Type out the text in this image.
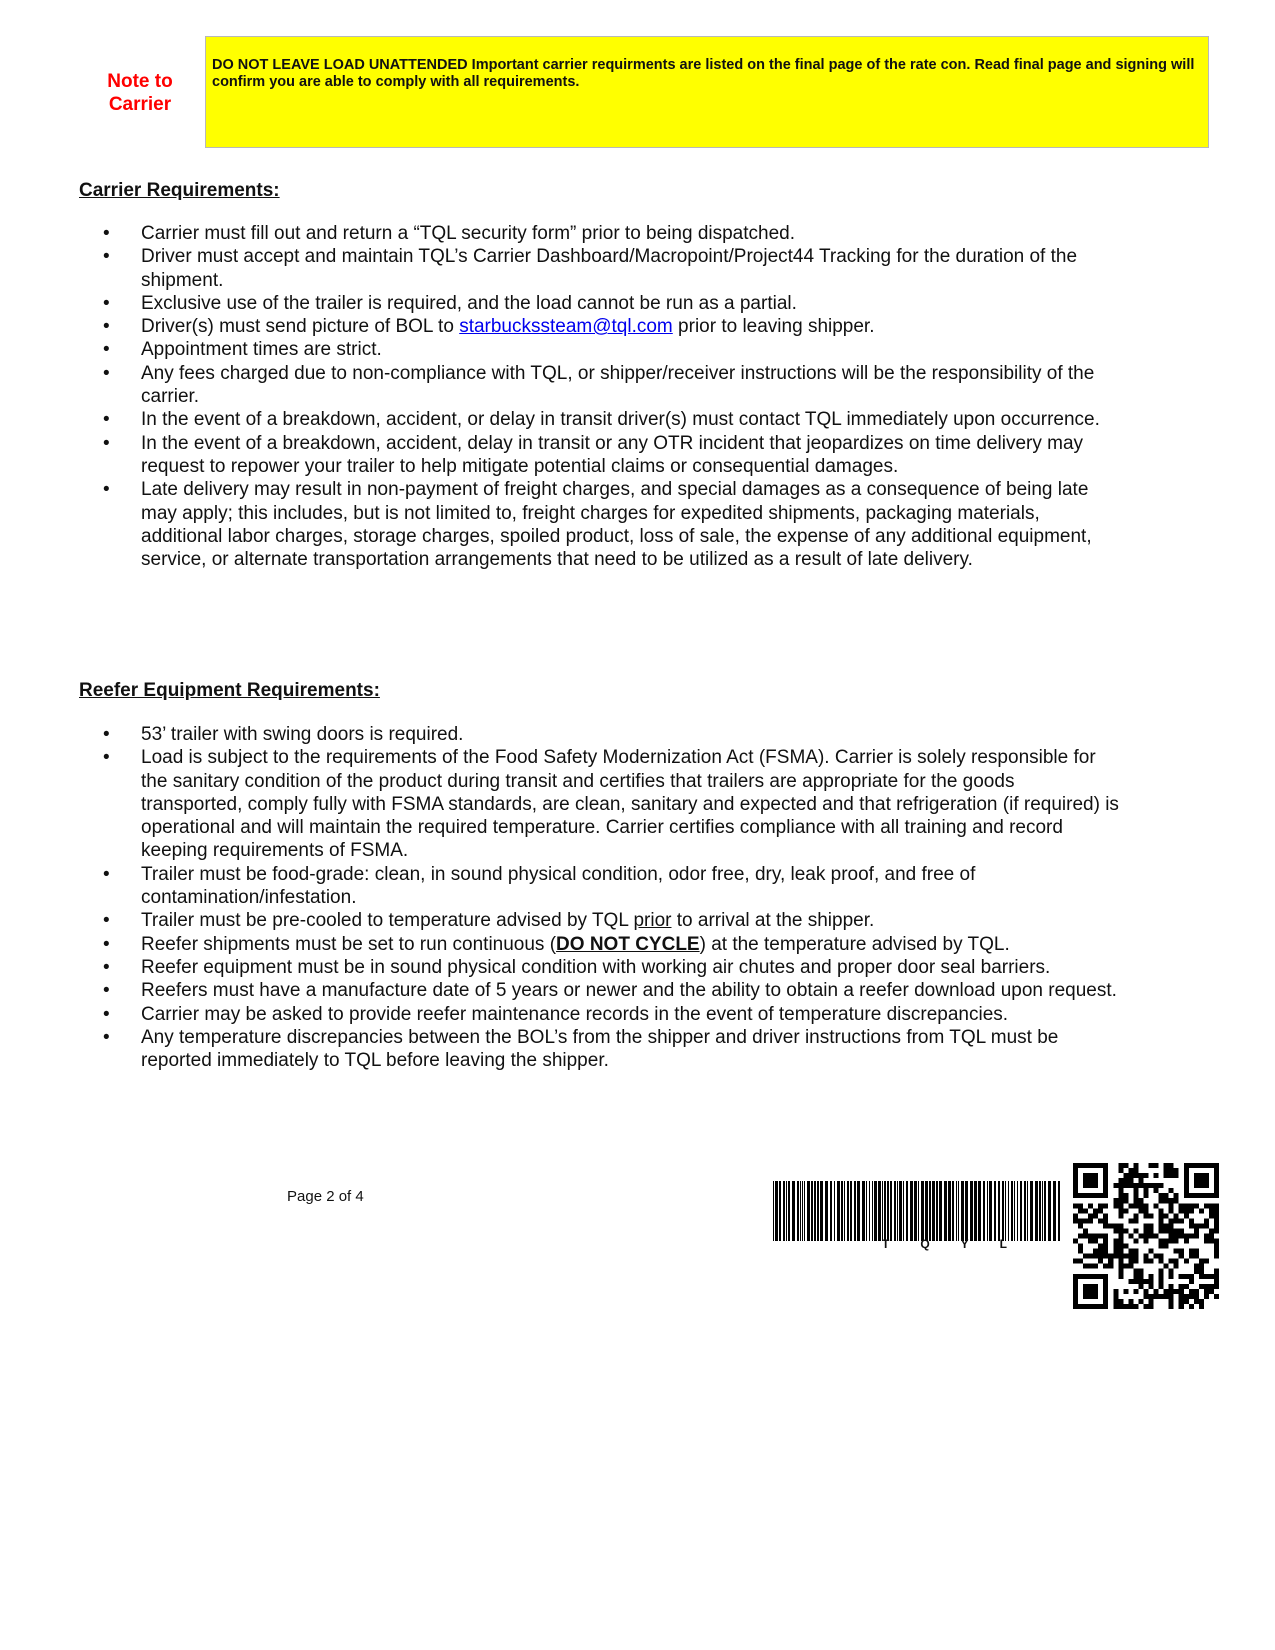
Note to Carrier
DO NOT LEAVE LOAD UNATTENDED Important carrier requirments are listed on the final page of the rate con. Read final page and signing will confirm you are able to comply with all requirements.
Carrier Requirements:
• Carrier must fill out and return a “TQL security form” prior to being dispatched.
• Driver must accept and maintain TQL’s Carrier Dashboard/Macropoint/Project44 Tracking for the duration of the shipment.
• Exclusive use of the trailer is required, and the load cannot be run as a partial.
• Driver(s) must send picture of BOL to starbuckssteam@tql.com prior to leaving shipper.
• Appointment times are strict.
• Any fees charged due to non-compliance with TQL, or shipper/receiver instructions will be the responsibility of the carrier.
• In the event of a breakdown, accident, or delay in transit driver(s) must contact TQL immediately upon occurrence.
• In the event of a breakdown, accident, delay in transit or any OTR incident that jeopardizes on time delivery may request to repower your trailer to help mitigate potential claims or consequential damages.
• Late delivery may result in non-payment of freight charges, and special damages as a consequence of being late may apply; this includes, but is not limited to, freight charges for expedited shipments, packaging materials, additional labor charges, storage charges, spoiled product, loss of sale, the expense of any additional equipment, service, or alternate transportation arrangements that need to be utilized as a result of late delivery.
Reefer Equipment Requirements:
• 53’ trailer with swing doors is required.
• Load is subject to the requirements of the Food Safety Modernization Act (FSMA). Carrier is solely responsible for the sanitary condition of the product during transit and certifies that trailers are appropriate for the goods transported, comply fully with FSMA standards, are clean, sanitary and expected and that refrigeration (if required) is operational and will maintain the required temperature. Carrier certifies compliance with all training and record keeping requirements of FSMA.
• Trailer must be food-grade: clean, in sound physical condition, odor free, dry, leak proof, and free of contamination/infestation.
• Trailer must be pre-cooled to temperature advised by TQL prior to arrival at the shipper.
• Reefer shipments must be set to run continuous (DO NOT CYCLE) at the temperature advised by TQL.
• Reefer equipment must be in sound physical condition with working air chutes and proper door seal barriers.
• Reefers must have a manufacture date of 5 years or newer and the ability to obtain a reefer download upon request.
• Carrier may be asked to provide reefer maintenance records in the event of temperature discrepancies.
• Any temperature discrepancies between the BOL’s from the shipper and driver instructions from TQL must be reported immediately to TQL before leaving the shipper.
Page 2 of 4
T	Q	Y	L
